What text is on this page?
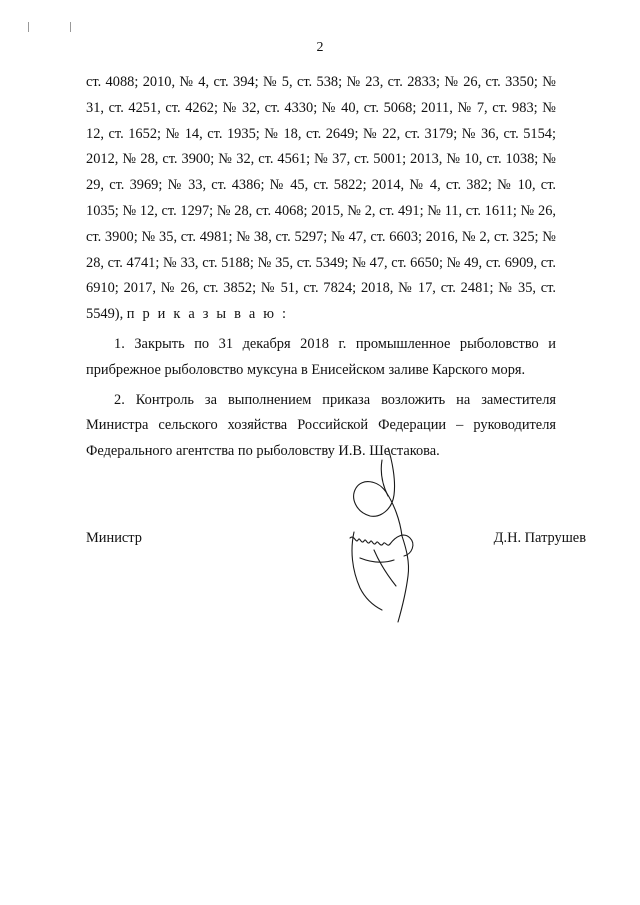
2

ст. 4088; 2010, № 4, ст. 394; № 5, ст. 538; № 23, ст. 2833; № 26, ст. 3350; № 31, ст. 4251, ст. 4262; № 32, ст. 4330; № 40, ст. 5068; 2011, № 7, ст. 983; № 12, ст. 1652; № 14, ст. 1935; № 18, ст. 2649; № 22, ст. 3179; № 36, ст. 5154; 2012, № 28, ст. 3900; № 32, ст. 4561; № 37, ст. 5001; 2013, № 10, ст. 1038; № 29, ст. 3969; № 33, ст. 4386; № 45, ст. 5822; 2014, № 4, ст. 382; № 10, ст. 1035; № 12, ст. 1297; № 28, ст. 4068; 2015, № 2, ст. 491; № 11, ст. 1611; № 26, ст. 3900; № 35, ст. 4981; № 38, ст. 5297; № 47, ст. 6603; 2016, № 2, ст. 325; № 28, ст. 4741; № 33, ст. 5188; № 35, ст. 5349; № 47, ст. 6650; № 49, ст. 6909, ст. 6910; 2017, № 26, ст. 3852; № 51, ст. 7824; 2018, № 17, ст. 2481; № 35, ст. 5549), п р и к а з ы в а ю :

1. Закрыть по 31 декабря 2018 г. промышленное рыболовство и прибрежное рыболовство муксуна в Енисейском заливе Карского моря.

2. Контроль за выполнением приказа возложить на заместителя Министра сельского хозяйства Российской Федерации – руководителя Федерального агентства по рыболовству И.В. Шестакова.

Министр	Д.Н. Патрушев
